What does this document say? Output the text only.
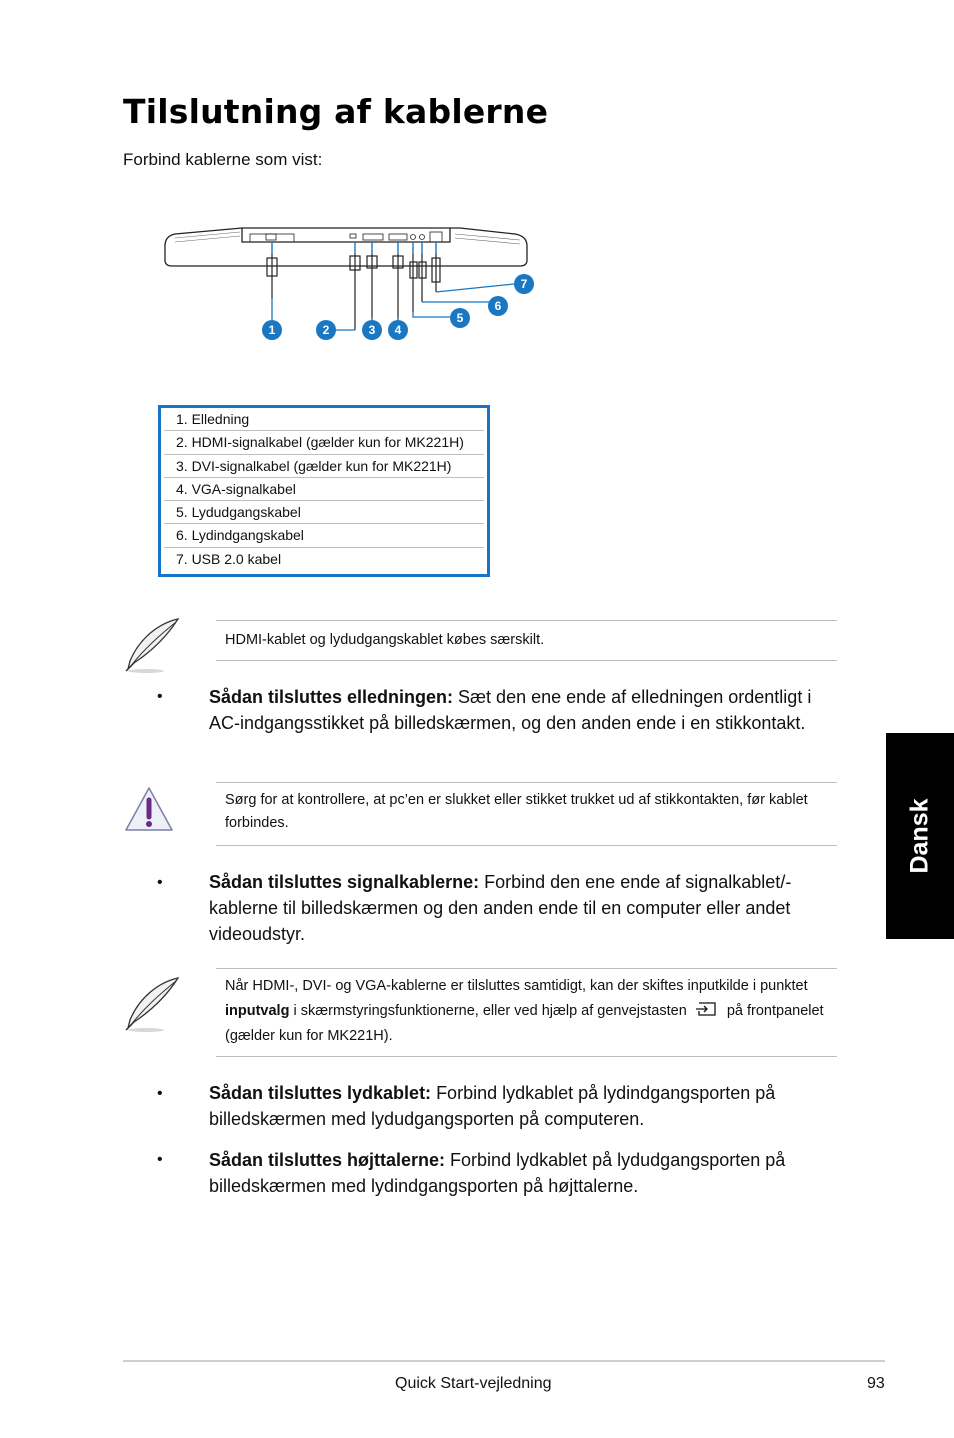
Tilslutning af kablerne
Forbind kablerne som vist:
1	2	3 4
5
6
7
1. Elledning
2. HDMI-signalkabel (gælder kun for MK221H)
3. DVI-signalkabel (gælder kun for MK221H)
4. VGA-signalkabel
5. Lydudgangskabel
6. Lydindgangskabel
7. USB 2.0 kabel
HDMI-kablet og lydudgangskablet købes særskilt.
•	Sådan tilsluttes elledningen: Sæt den ene ende af elledningen ordentligt i AC-indgangsstikket på billedskærmen, og den anden ende i en stikkontakt.
Sørg for at kontrollere, at pc’en er slukket eller stikket trukket ud af stikkontakten, før kablet forbindes.
•	Sådan tilsluttes signalkablerne: Forbind den ene ende af signalkablet/-kablerne til billedskærmen og den anden ende til en computer eller andet videoudstyr.
Når HDMI-, DVI- og VGA-kablerne er tilsluttes samtidigt, kan der skiftes inputkilde i punktet inputvalg i skærmstyringsfunktionerne, eller ved hjælp af genvejstasten  på frontpanelet (gælder kun for MK221H).
•	Sådan tilsluttes lydkablet: Forbind lydkablet på lydindgangsporten på billedskærmen med lydudgangsporten på computeren.
•	Sådan tilsluttes højttalerne: Forbind lydkablet på lydudgangsporten på billedskærmen med lydindgangsporten på højttalerne.
Dansk
Quick Start-vejledning	93
